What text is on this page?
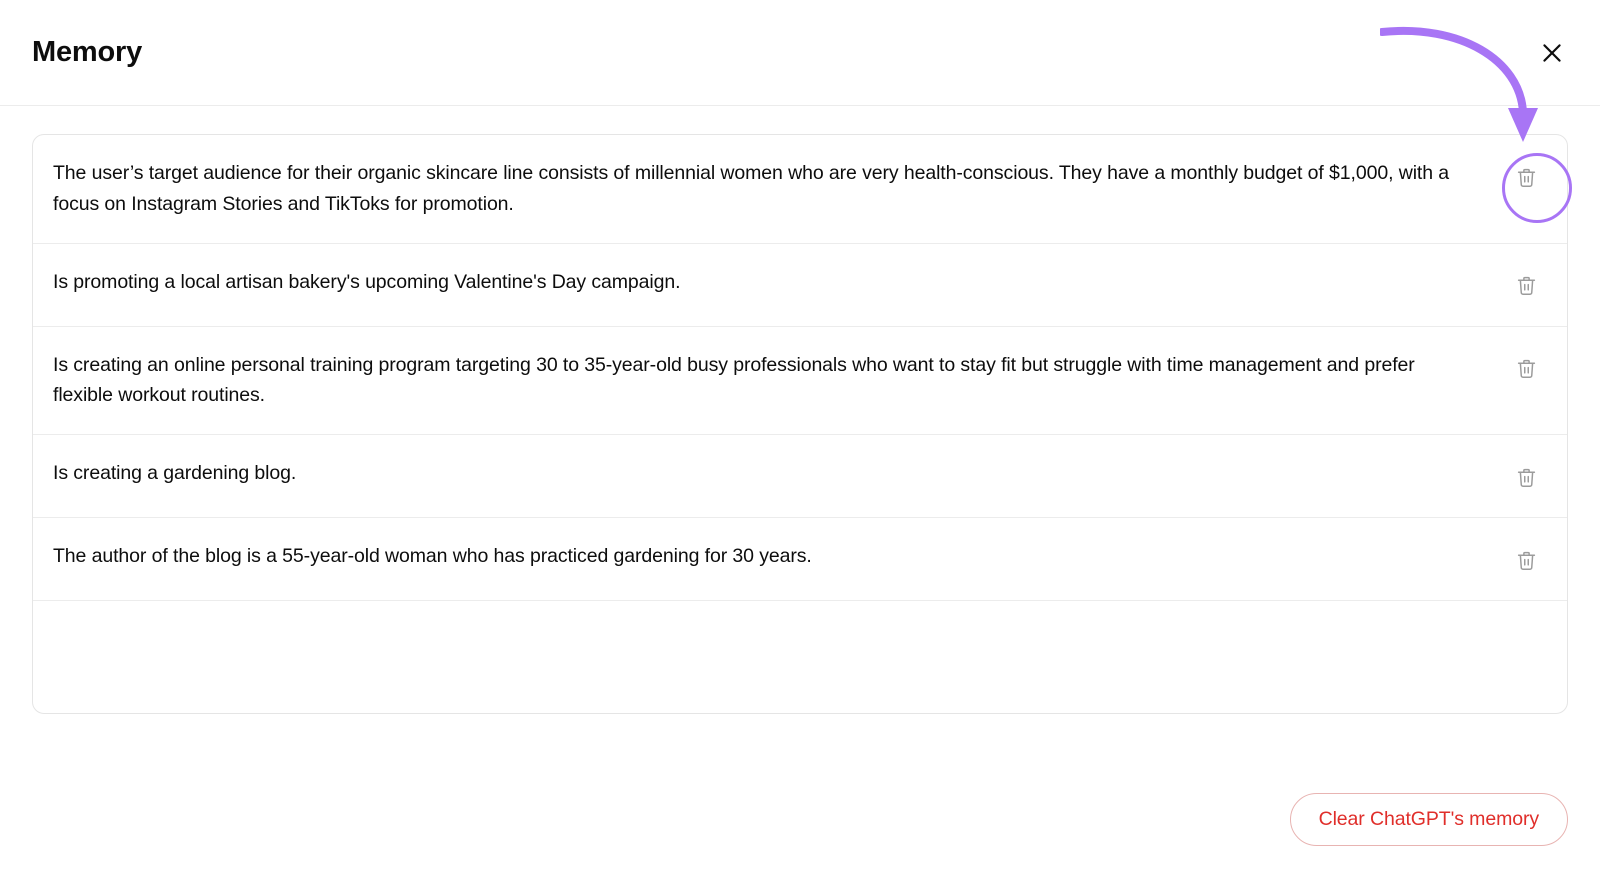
Memory
The user’s target audience for their organic skincare line consists of millennial women who are very health-conscious. They have a monthly budget of $1,000, with a focus on Instagram Stories and TikToks for promotion.
Is promoting a local artisan bakery's upcoming Valentine's Day campaign.
Is creating an online personal training program targeting 30 to 35-year-old busy professionals who want to stay fit but struggle with time management and prefer flexible workout routines.
Is creating a gardening blog.
The author of the blog is a 55-year-old woman who has practiced gardening for 30 years.
Clear ChatGPT's memory
